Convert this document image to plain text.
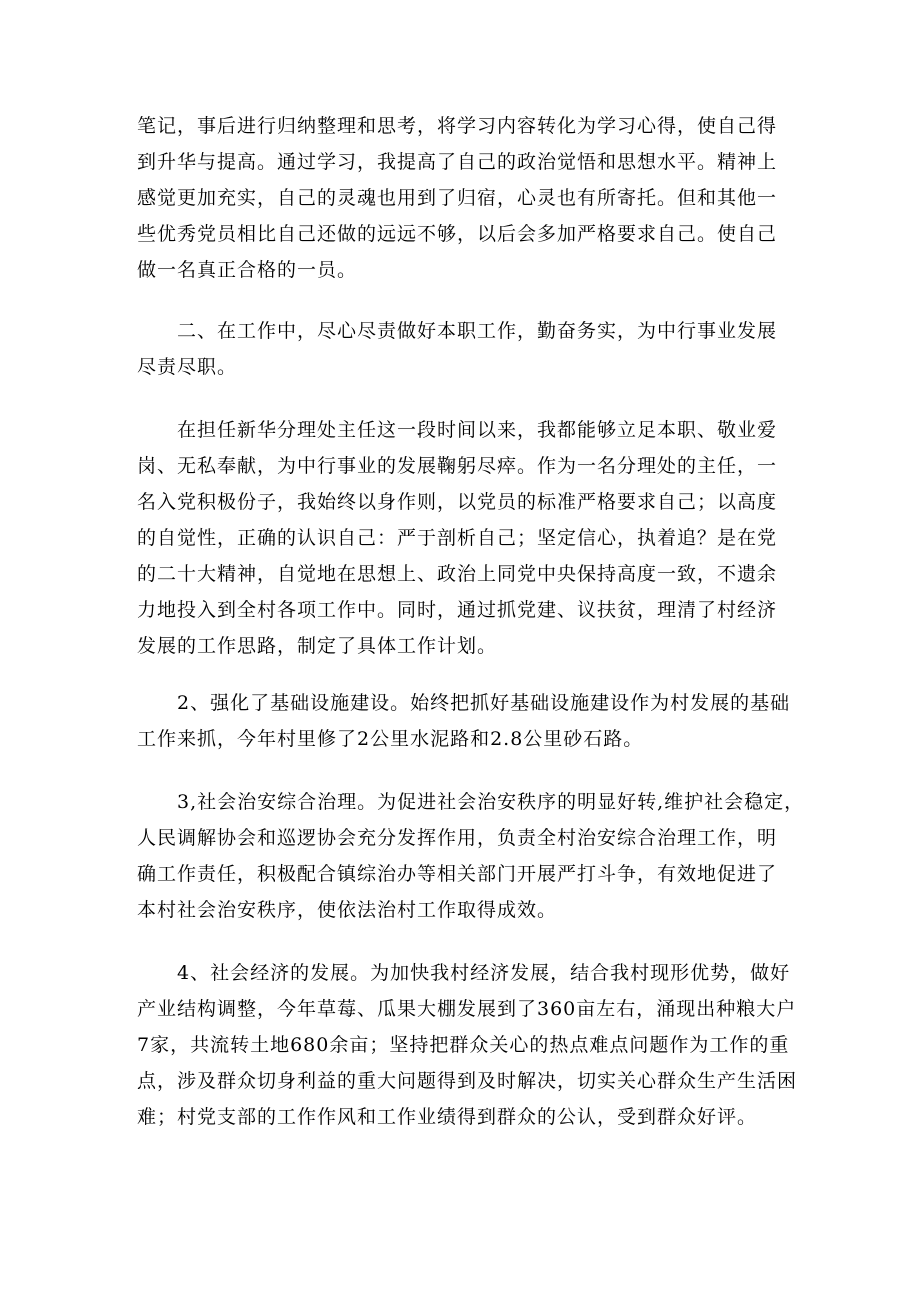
笔记，事后进行归纳整理和思考，将学习内容转化为学习心得，使自己得
到升华与提高。通过学习，我提高了自己的政治觉悟和思想水平。精神上
感觉更加充实，自己的灵魂也用到了归宿，心灵也有所寄托。但和其他一
些优秀党员相比自己还做的远远不够，以后会多加严格要求自己。使自己
做一名真正合格的一员。
二、在工作中，尽心尽责做好本职工作，勤奋务实，为中行事业发展
尽责尽职。
在担任新华分理处主任这一段时间以来，我都能够立足本职、敬业爱
岗、无私奉献，为中行事业的发展鞠躬尽瘁。作为一名分理处的主任，一
名入党积极份子，我始终以身作则，以党员的标准严格要求自己；以高度
的自觉性，正确的认识自己：严于剖析自己；坚定信心，执着追？是在党
的二十大精神，自觉地在思想上、政治上同党中央保持高度一致，不遗余
力地投入到全村各项工作中。同时，通过抓党建、议扶贫，理清了村经济
发展的工作思路，制定了具体工作计划。
2、强化了基础设施建设。始终把抓好基础设施建设作为村发展的基础
工作来抓，今年村里修了2公里水泥路和2.8公里砂石路。
3,社会治安综合治理。为促进社会治安秩序的明显好转,维护社会稳定，
人民调解协会和巡逻协会充分发挥作用，负责全村治安综合治理工作，明
确工作责任，积极配合镇综治办等相关部门开展严打斗争，有效地促进了
本村社会治安秩序，使依法治村工作取得成效。
4、社会经济的发展。为加快我村经济发展，结合我村现形优势，做好
产业结构调整，今年草莓、瓜果大棚发展到了360亩左右，涌现出种粮大户
7家，共流转土地680余亩；坚持把群众关心的热点难点问题作为工作的重
点，涉及群众切身利益的重大问题得到及时解决，切实关心群众生产生活困
难；村党支部的工作作风和工作业绩得到群众的公认，受到群众好评。
